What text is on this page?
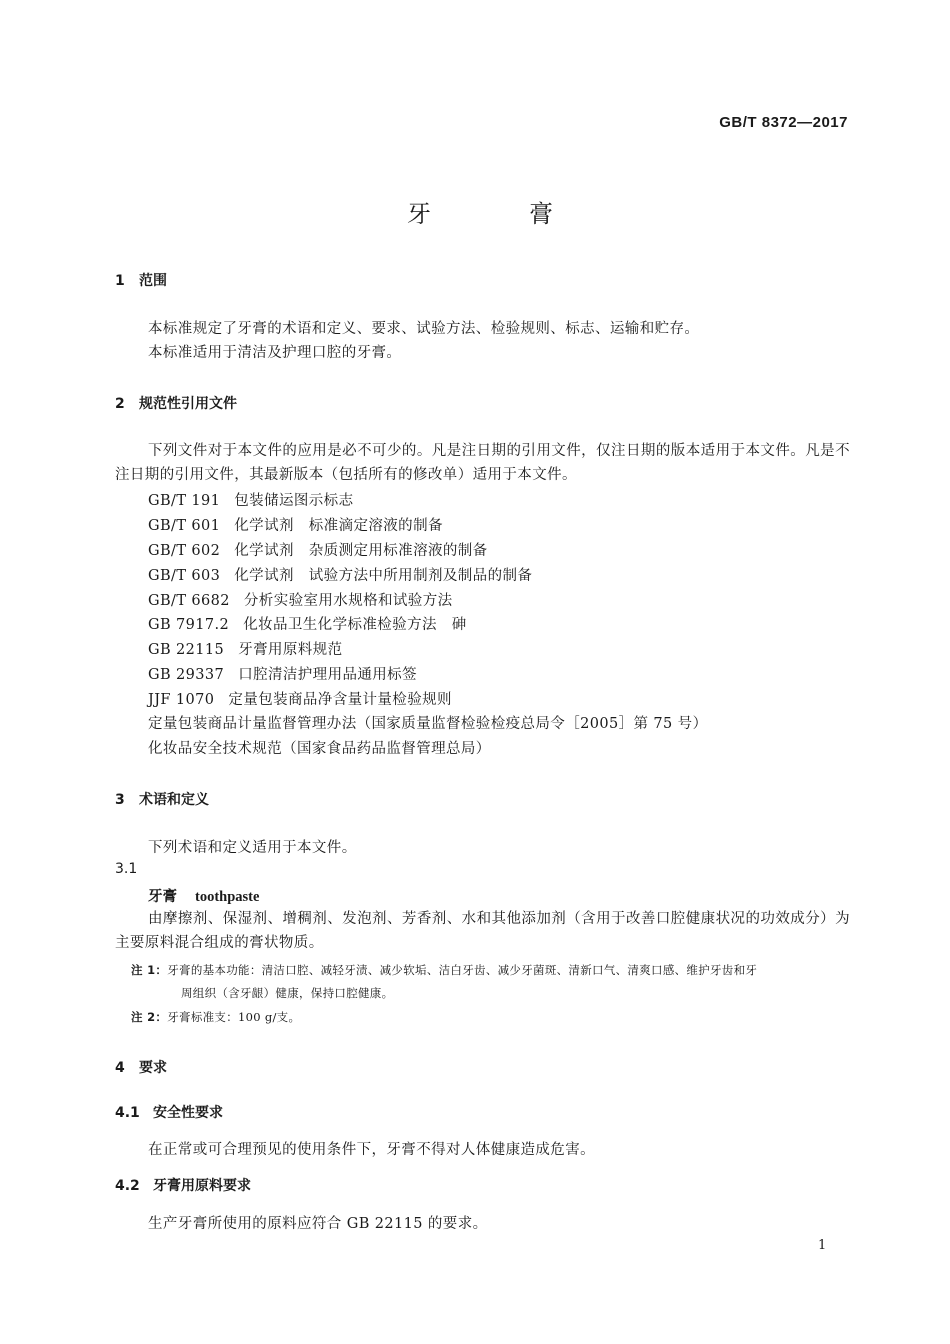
GB/T 8372—2017
牙	膏
1 范围
本标准规定了牙膏的术语和定义、要求、试验方法、检验规则、标志、运输和贮存。
本标准适用于清洁及护理口腔的牙膏。
2 规范性引用文件
下列文件对于本文件的应用是必不可少的。凡是注日期的引用文件，仅注日期的版本适用于本文件。凡是不注日期的引用文件，其最新版本（包括所有的修改单）适用于本文件。
GB/T 191 包装储运图示标志
GB/T 601 化学试剂　标准滴定溶液的制备
GB/T 602 化学试剂　杂质测定用标准溶液的制备
GB/T 603 化学试剂　试验方法中所用制剂及制品的制备
GB/T 6682 分析实验室用水规格和试验方法
GB 7917.2 化妆品卫生化学标准检验方法　砷
GB 22115 牙膏用原料规范
GB 29337 口腔清洁护理用品通用标签
JJF 1070 定量包装商品净含量计量检验规则
定量包装商品计量监督管理办法（国家质量监督检验检疫总局令［2005］第 75 号）
化妆品安全技术规范（国家食品药品监督管理总局）
3 术语和定义
下列术语和定义适用于本文件。
3.1
牙膏 toothpaste
由摩擦剂、保湿剂、增稠剂、发泡剂、芳香剂、水和其他添加剂（含用于改善口腔健康状况的功效成分）为主要原料混合组成的膏状物质。
注 1：牙膏的基本功能：清洁口腔、减轻牙渍、减少软垢、洁白牙齿、减少牙菌斑、清新口气、清爽口感、维护牙齿和牙
周组织（含牙龈）健康，保持口腔健康。
注 2：牙膏标准支：100 g/支。
4 要求
4.1 安全性要求
在正常或可合理预见的使用条件下，牙膏不得对人体健康造成危害。
4.2 牙膏用原料要求
生产牙膏所使用的原料应符合 GB 22115 的要求。
1
